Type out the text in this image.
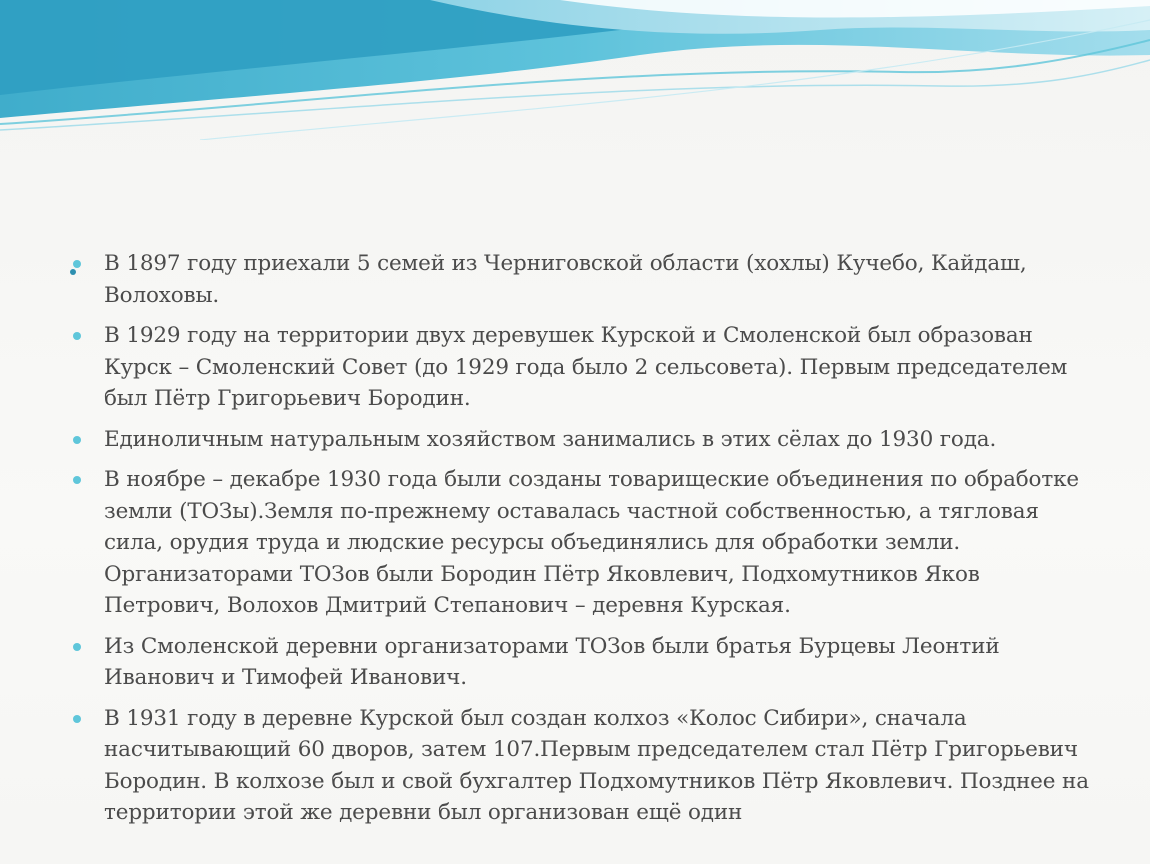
В 1897 году приехали 5 семей из Черниговской области (хохлы) Кучебо, Кайдаш, Волоховы.
В 1929 году на территории двух деревушек Курской и Смоленской был образован Курск – Смоленский Совет (до 1929 года было 2 сельсовета). Первым председателем был Пётр Григорьевич Бородин.
Единоличным натуральным хозяйством занимались в этих сёлах до 1930 года.
В ноябре – декабре 1930 года были созданы товарищеские объединения по обработке земли (ТОЗы).Земля по-прежнему оставалась частной собственностью, а тягловая сила, орудия труда и людские ресурсы объединялись для обработки земли. Организаторами ТОЗов были Бородин Пётр Яковлевич, Подхомутников Яков Петрович, Волохов Дмитрий Степанович – деревня Курская.
Из Смоленской деревни организаторами ТОЗов были братья Бурцевы Леонтий Иванович и Тимофей Иванович.
В 1931 году в деревне Курской был создан колхоз «Колос Сибири», сначала насчитывающий 60 дворов, затем 107.Первым председателем стал Пётр Григорьевич Бородин. В колхозе был и свой бухгалтер Подхомутников Пётр Яковлевич. Позднее на территории этой же деревни был организован ещё один
